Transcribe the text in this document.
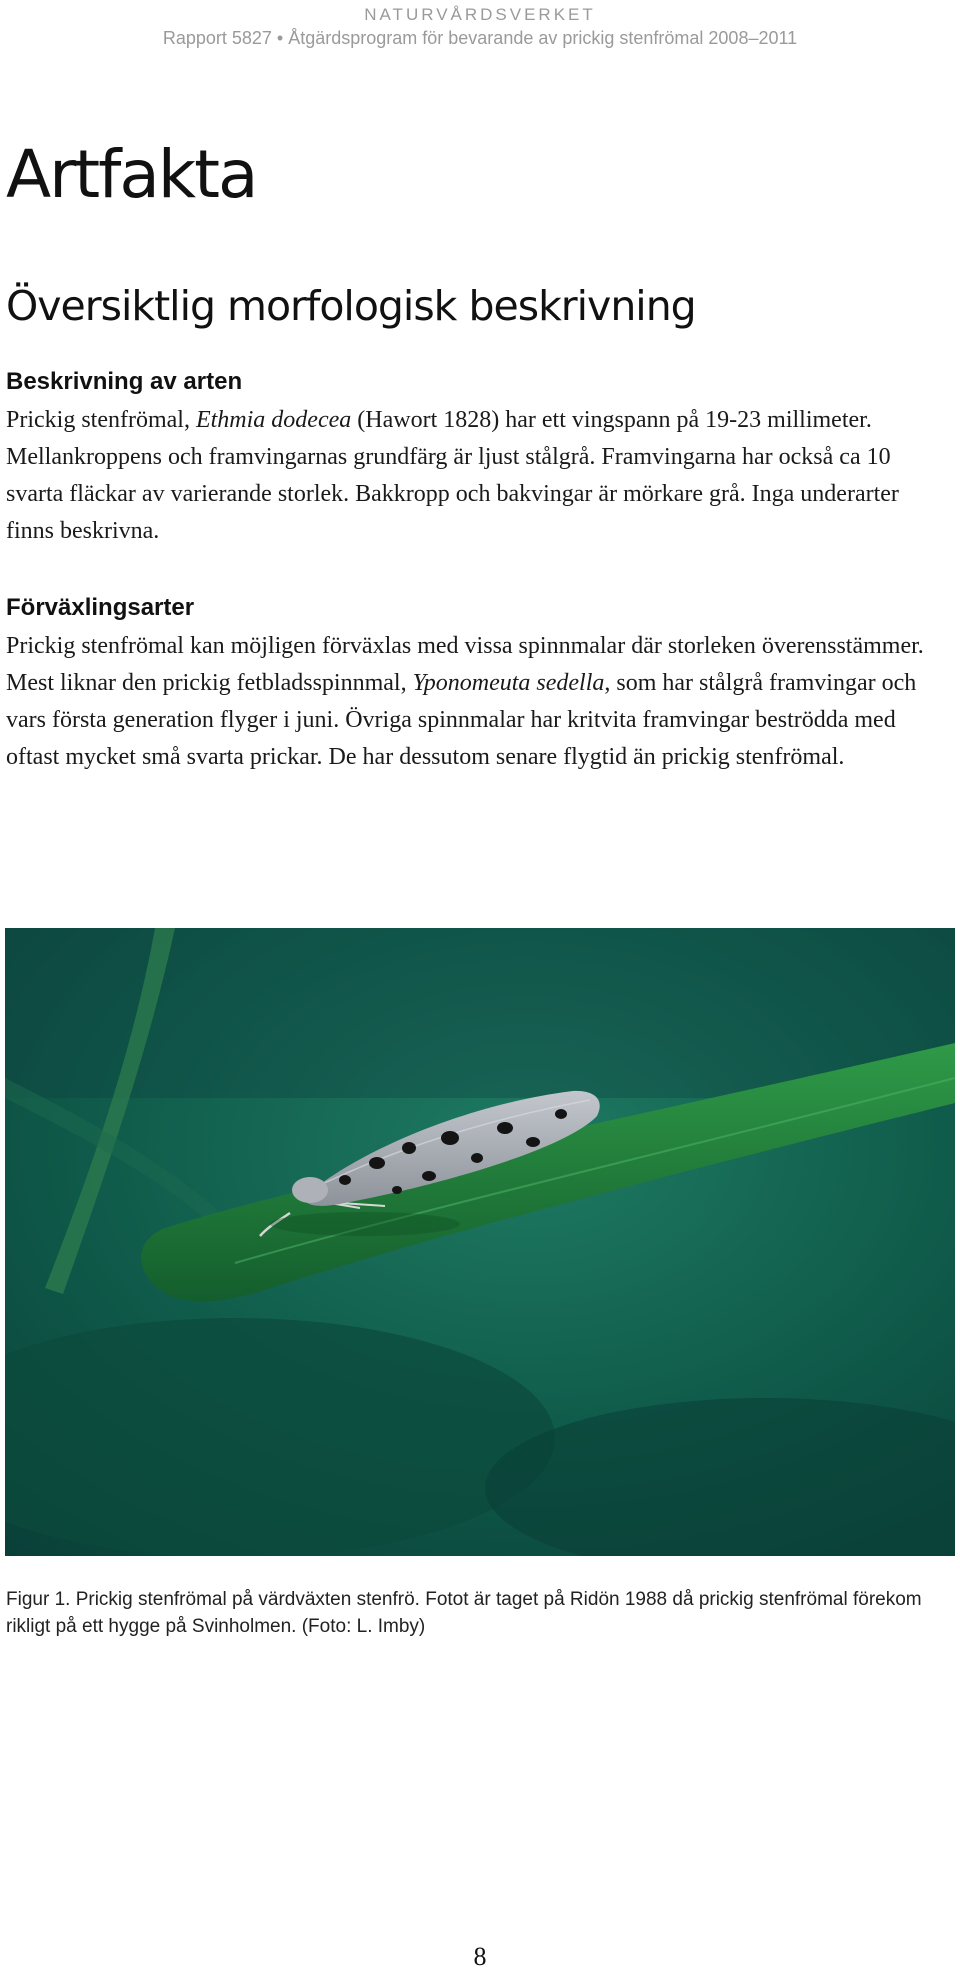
NATURVÅRDSVERKET
Rapport 5827 • Åtgärdsprogram för bevarande av prickig stenfrömal 2008–2011
Artfakta
Översiktlig morfologisk beskrivning
Beskrivning av arten

Prickig stenfrömal, Ethmia dodecea (Hawort 1828) har ett vingspann på 19-23 millimeter. Mellankroppens och framvingarnas grundfärg är ljust stålgrå. Framvingarna har också ca 10 svarta fläckar av varierande storlek. Bakkropp och bakvingar är mörkare grå. Inga underarter finns beskrivna.

Förväxlingsarter

Prickig stenfrömal kan möjligen förväxlas med vissa spinnmalar där storleken överensstämmer. Mest liknar den prickig fetbladsspinnmal, Yponomeuta sedella, som har stålgrå framvingar och vars första generation flyger i juni. Övriga spinnmalar har kritvita framvingar beströdda med oftast mycket små svarta prickar. De har dessutom senare flygtid än prickig stenfrömal.

Figur 1. Prickig stenfrömal på värdväxten stenfrö. Fotot är taget på Ridön 1988 då prickig stenfrömal förekom rikligt på ett hygge på Svinholmen. (Foto: L. Imby)

8
